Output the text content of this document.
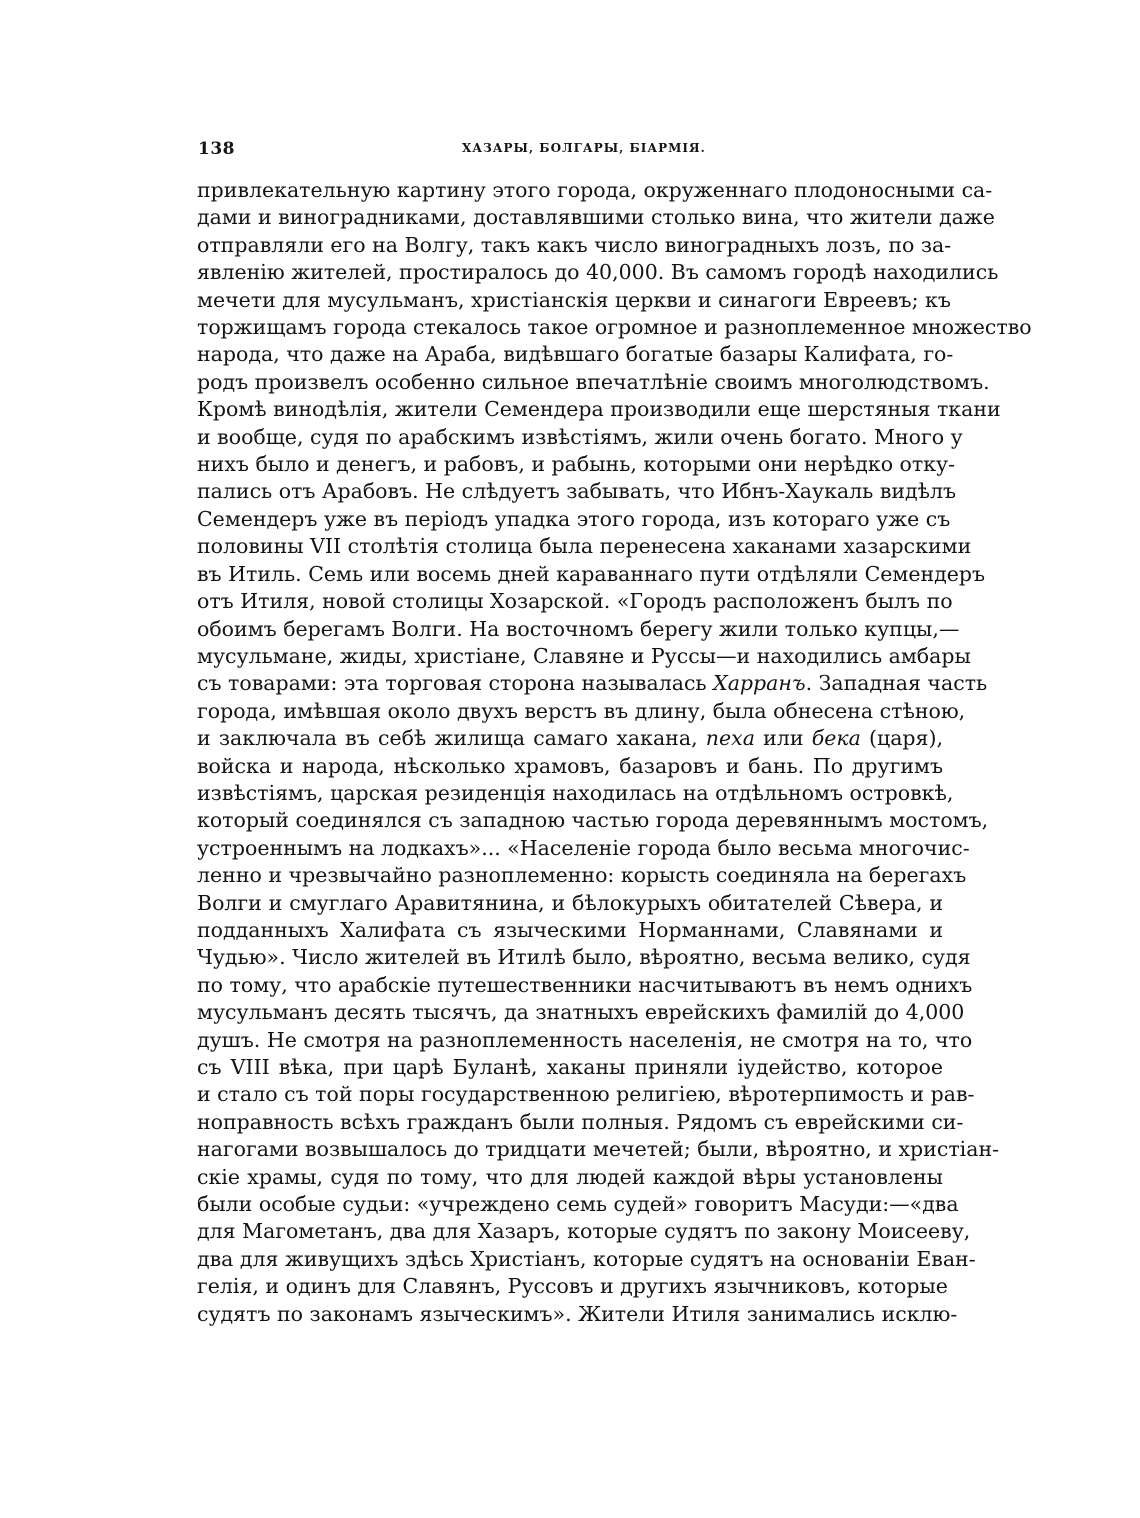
138	ХАЗАРЫ, БОЛГАРЫ, БІАРМІЯ.
привлекательную картину этого города, окруженнаго плодоносными са-
дами и виноградниками, доставлявшими столько вина, что жители даже
отправляли его на Волгу, такъ какъ число виноградныхъ лозъ, по за-
явленію жителей, простиралось до 40,000. Въ самомъ городѣ находились
мечети для мусульманъ, христіанскія церкви и синагоги Евреевъ; къ
торжищамъ города стекалось такое огромное и разноплеменное множество
народа, что даже на Араба, видѣвшаго богатые базары Калифата, го-
родъ произвелъ особенно сильное впечатлѣніе своимъ многолюдствомъ.
Кромѣ винодѣлія, жители Семендера производили еще шерстяныя ткани
и вообще, судя по арабскимъ извѣстіямъ, жили очень богато. Много у
нихъ было и денегъ, и рабовъ, и рабынь, которыми они нерѣдко отку-
пались отъ Арабовъ. Не слѣдуетъ забывать, что Ибнъ-Хаукаль видѣлъ
Семендеръ уже въ періодъ упадка этого города, изъ котораго уже съ
половины VII столѣтія столица была перенесена хаканами хазарскими
въ Итиль. Семь или восемь дней караваннаго пути отдѣляли Семендеръ
отъ Итиля, новой столицы Хозарской. «Городъ расположенъ былъ по
обоимъ берегамъ Волги. На восточномъ берегу жили только купцы,—
мусульмане, жиды, христіане, Славяне и Руссы—и находились амбары
съ товарами: эта торговая сторона называлась Харранъ. Западная часть
города, имѣвшая около двухъ верстъ въ длину, была обнесена стѣною,
и заключала въ себѣ жилища самаго хакана, пеха или бека (царя),
войска и народа, нѣсколько храмовъ, базаровъ и бань. По другимъ
извѣстіямъ, царская резиденція находилась на отдѣльномъ островкѣ,
который соединялся съ западною частью города деревяннымъ мостомъ,
устроеннымъ на лодкахъ»... «Населеніе города было весьма многочис-
ленно и чрезвычайно разноплеменно: корысть соединяла на берегахъ
Волги и смуглаго Аравитянина, и бѣлокурыхъ обитателей Сѣвера, и
подданныхъ Халифата съ языческими Норманнами, Славянами и
Чудью». Число жителей въ Итилѣ было, вѣроятно, весьма велико, судя
по тому, что арабскіе путешественники насчитываютъ въ немъ однихъ
мусульманъ десять тысячъ, да знатныхъ еврейскихъ фамилій до 4,000
душъ. Не смотря на разноплеменность населенія, не смотря на то, что
съ VIII вѣка, при царѣ Буланѣ, хаканы приняли іудейство, которое
и стало съ той поры государственною религіею, вѣротерпимость и рав-
ноправность всѣхъ гражданъ были полныя. Рядомъ съ еврейскими си-
нагогами возвышалось до тридцати мечетей; были, вѣроятно, и христіан-
скіе храмы, судя по тому, что для людей каждой вѣры установлены
были особые судьи: «учреждено семь судей» говоритъ Масуди:—«два
для Магометанъ, два для Хазаръ, которые судятъ по закону Моисееву,
два для живущихъ здѣсь Христіанъ, которые судятъ на основаніи Еван-
гелія, и одинъ для Славянъ, Руссовъ и другихъ язычниковъ, которые
судятъ по законамъ языческимъ». Жители Итиля занимались исклю-
